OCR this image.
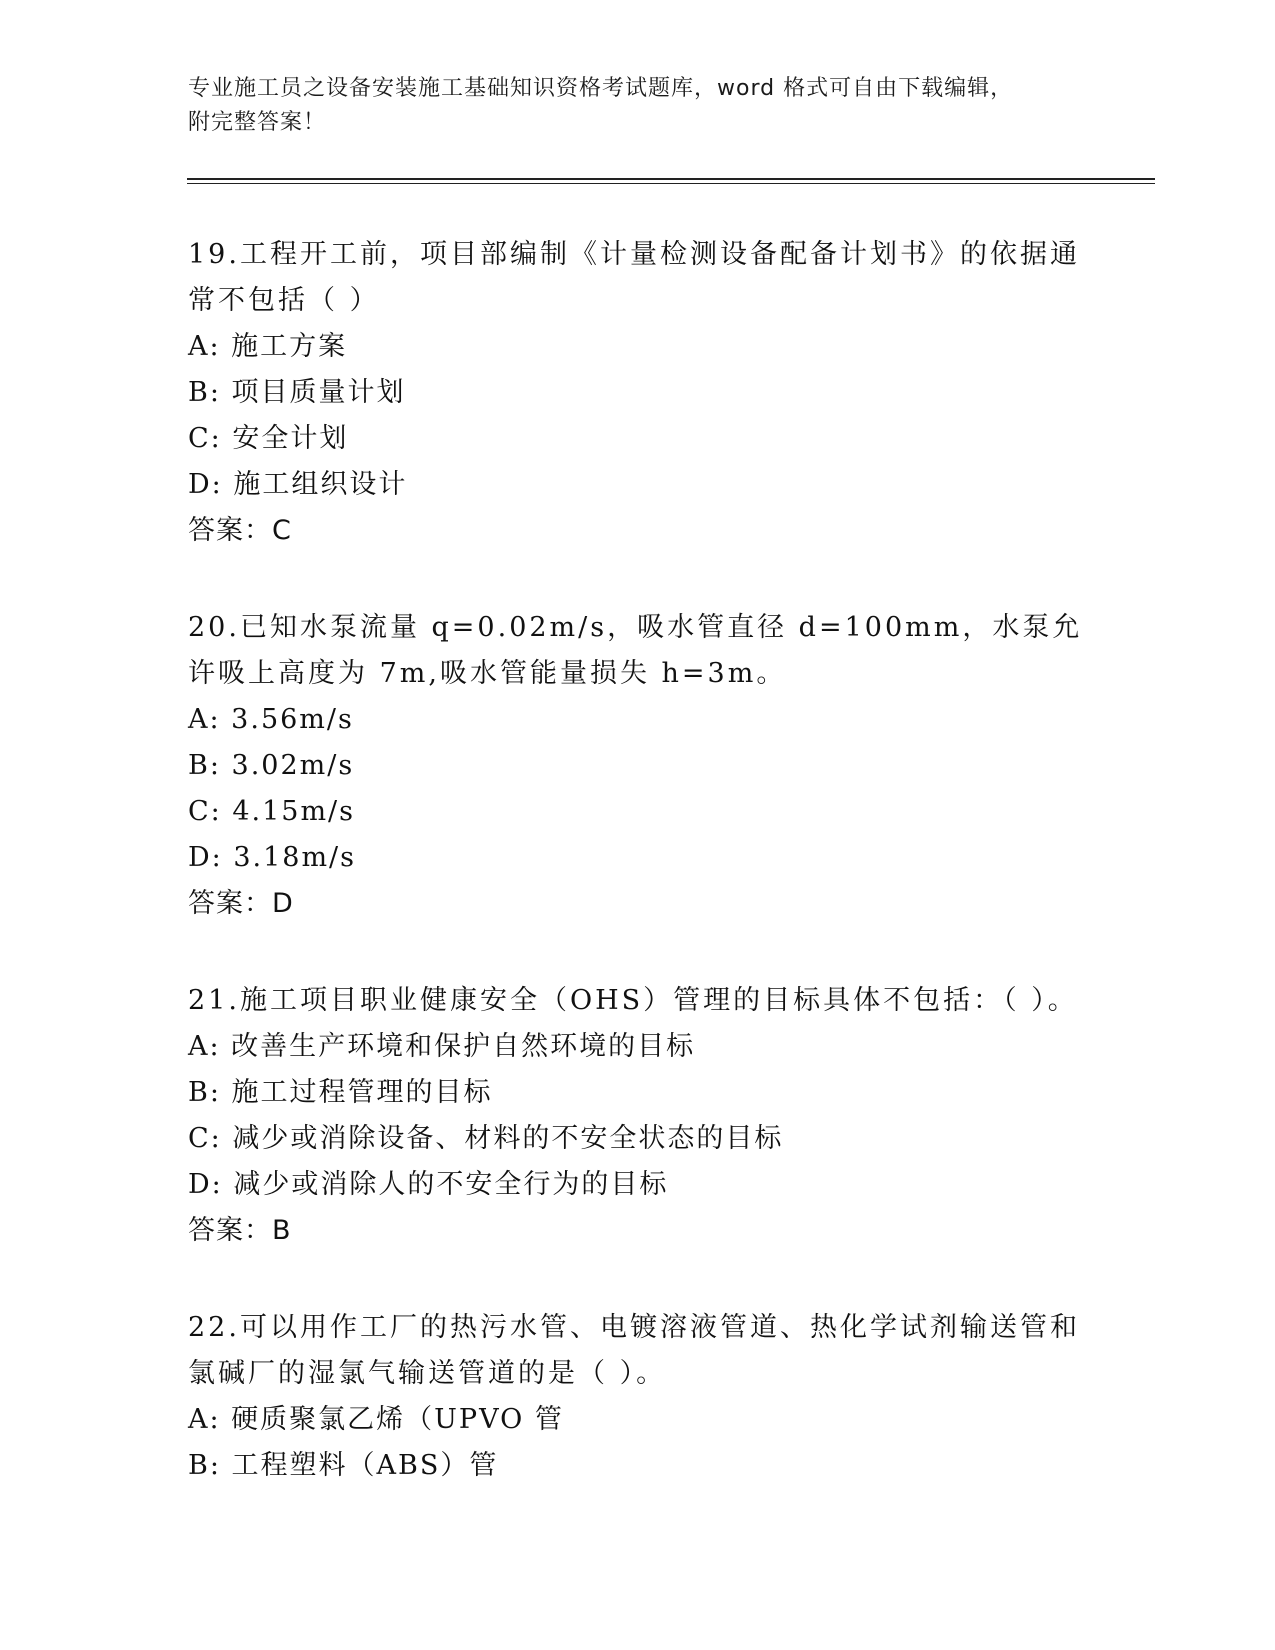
专业施工员之设备安装施工基础知识资格考试题库，word 格式可自由下载编辑，
附完整答案！
19.工程开工前，项目部编制《计量检测设备配备计划书》的依据通常不包括（ ）
A: 施工方案
B: 项目质量计划
C: 安全计划
D: 施工组织设计
答案：C
20.已知水泵流量 q=0.02m/s，吸水管直径 d=100mm，水泵允许吸上高度为 7m,吸水管能量损失 h=3m。
A: 3.56m/s
B: 3.02m/s
C: 4.15m/s
D: 3.18m/s
答案：D
21.施工项目职业健康安全（OHS）管理的目标具体不包括：（ ）。
A: 改善生产环境和保护自然环境的目标
B: 施工过程管理的目标
C: 减少或消除设备、材料的不安全状态的目标
D: 减少或消除人的不安全行为的目标
答案：B
22.可以用作工厂的热污水管、电镀溶液管道、热化学试剂输送管和氯碱厂的湿氯气输送管道的是（ ）。
A: 硬质聚氯乙烯（UPVO 管
B: 工程塑料（ABS）管
